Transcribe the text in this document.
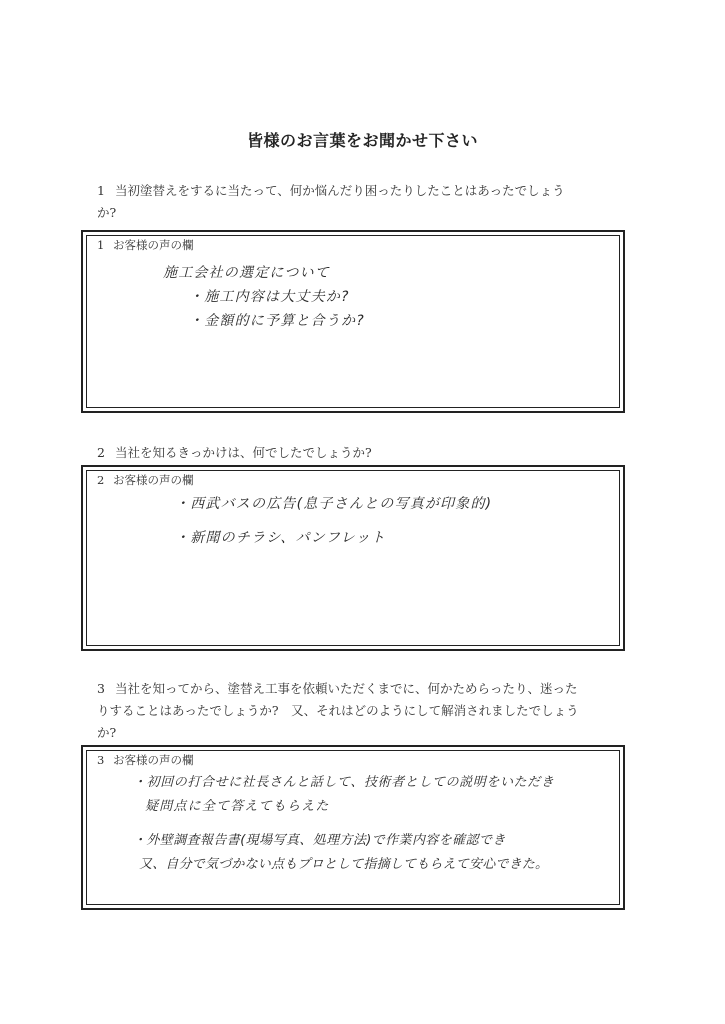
皆様のお言葉をお聞かせ下さい
1 当初塗替えをするに当たって、何か悩んだり困ったりしたことはあったでしょう
か?
1 お客様の声の欄
施工会社の選定について
・施工内容は大丈夫か?
・金額的に予算と合うか?
2 当社を知るきっかけは、何でしたでしょうか?
2 お客様の声の欄
・西武バスの広告(息子さんとの写真が印象的)
・新聞のチラシ、パンフレット
3 当社を知ってから、塗替え工事を依頼いただくまでに、何かためらったり、迷った
りすることはあったでしょうか?　又、それはどのようにして解消されましたでしょう
か?
3 お客様の声の欄
・初回の打合せに社長さんと話して、技術者としての説明をいただき
疑問点に全て答えてもらえた
・外壁調査報告書(現場写真、処理方法)で作業内容を確認でき
又、自分で気づかない点もプロとして指摘してもらえて安心できた。
